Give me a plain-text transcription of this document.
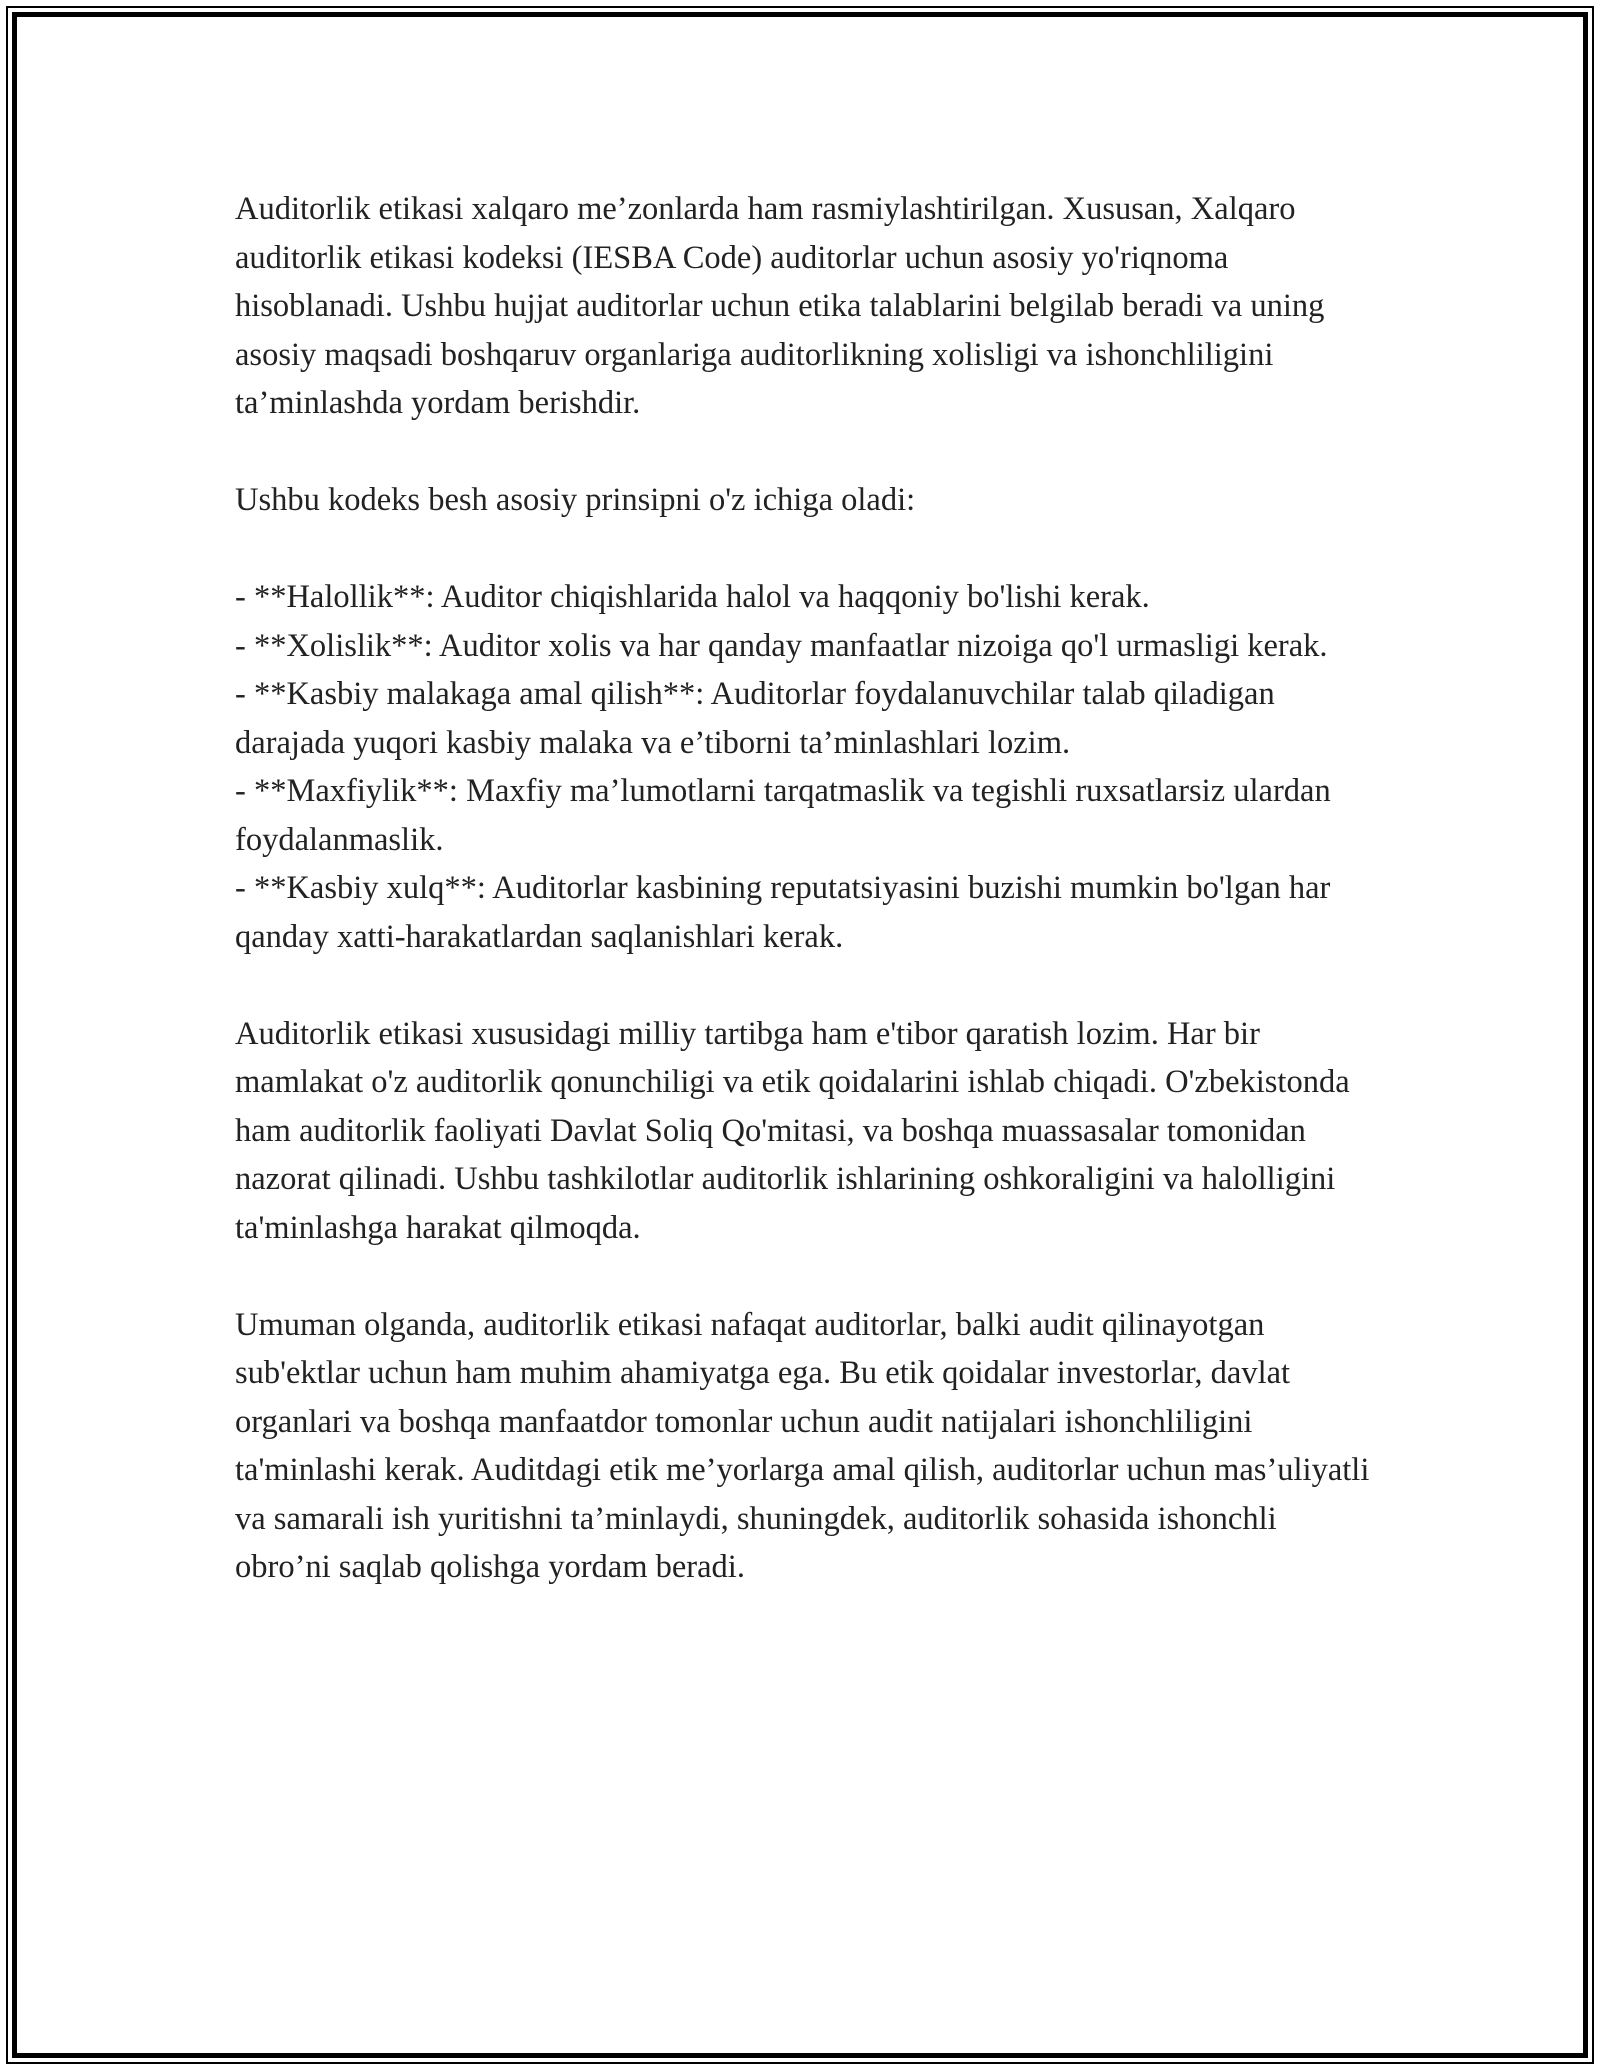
Auditorlik etikasi xalqaro me’zonlarda ham rasmiylashtirilgan. Xususan, Xalqaro auditorlik etikasi kodeksi (IESBA Code) auditorlar uchun asosiy yo'riqnoma hisoblanadi. Ushbu hujjat auditorlar uchun etika talablarini belgilab beradi va uning asosiy maqsadi boshqaruv organlariga auditorlikning xolisligi va ishonchliligini ta’minlashda yordam berishdir.

Ushbu kodeks besh asosiy prinsipni o'z ichiga oladi:

- **Halollik**: Auditor chiqishlarida halol va haqqoniy bo'lishi kerak.
- **Xolislik**: Auditor xolis va har qanday manfaatlar nizoiga qo'l urmasligi kerak.
- **Kasbiy malakaga amal qilish**: Auditorlar foydalanuvchilar talab qiladigan darajada yuqori kasbiy malaka va e’tiborni ta’minlashlari lozim.
- **Maxfiylik**: Maxfiy ma’lumotlarni tarqatmaslik va tegishli ruxsatlarsiz ulardan foydalanmaslik.
- **Kasbiy xulq**: Auditorlar kasbining reputatsiyasini buzishi mumkin bo'lgan har qanday xatti-harakatlardan saqlanishlari kerak.

Auditorlik etikasi xususidagi milliy tartibga ham e'tibor qaratish lozim. Har bir mamlakat o'z auditorlik qonunchiligi va etik qoidalarini ishlab chiqadi. O'zbekistonda ham auditorlik faoliyati Davlat Soliq Qo'mitasi, va boshqa muassasalar tomonidan nazorat qilinadi. Ushbu tashkilotlar auditorlik ishlarining oshkoraligini va halolligini ta'minlashga harakat qilmoqda.

Umuman olganda, auditorlik etikasi nafaqat auditorlar, balki audit qilinayotgan sub'ektlar uchun ham muhim ahamiyatga ega. Bu etik qoidalar investorlar, davlat organlari va boshqa manfaatdor tomonlar uchun audit natijalari ishonchliligini ta'minlashi kerak. Auditdagi etik me’yorlarga amal qilish, auditorlar uchun mas’uliyatli va samarali ish yuritishni ta’minlaydi, shuningdek, auditorlik sohasida ishonchli obro’ni saqlab qolishga yordam beradi.
